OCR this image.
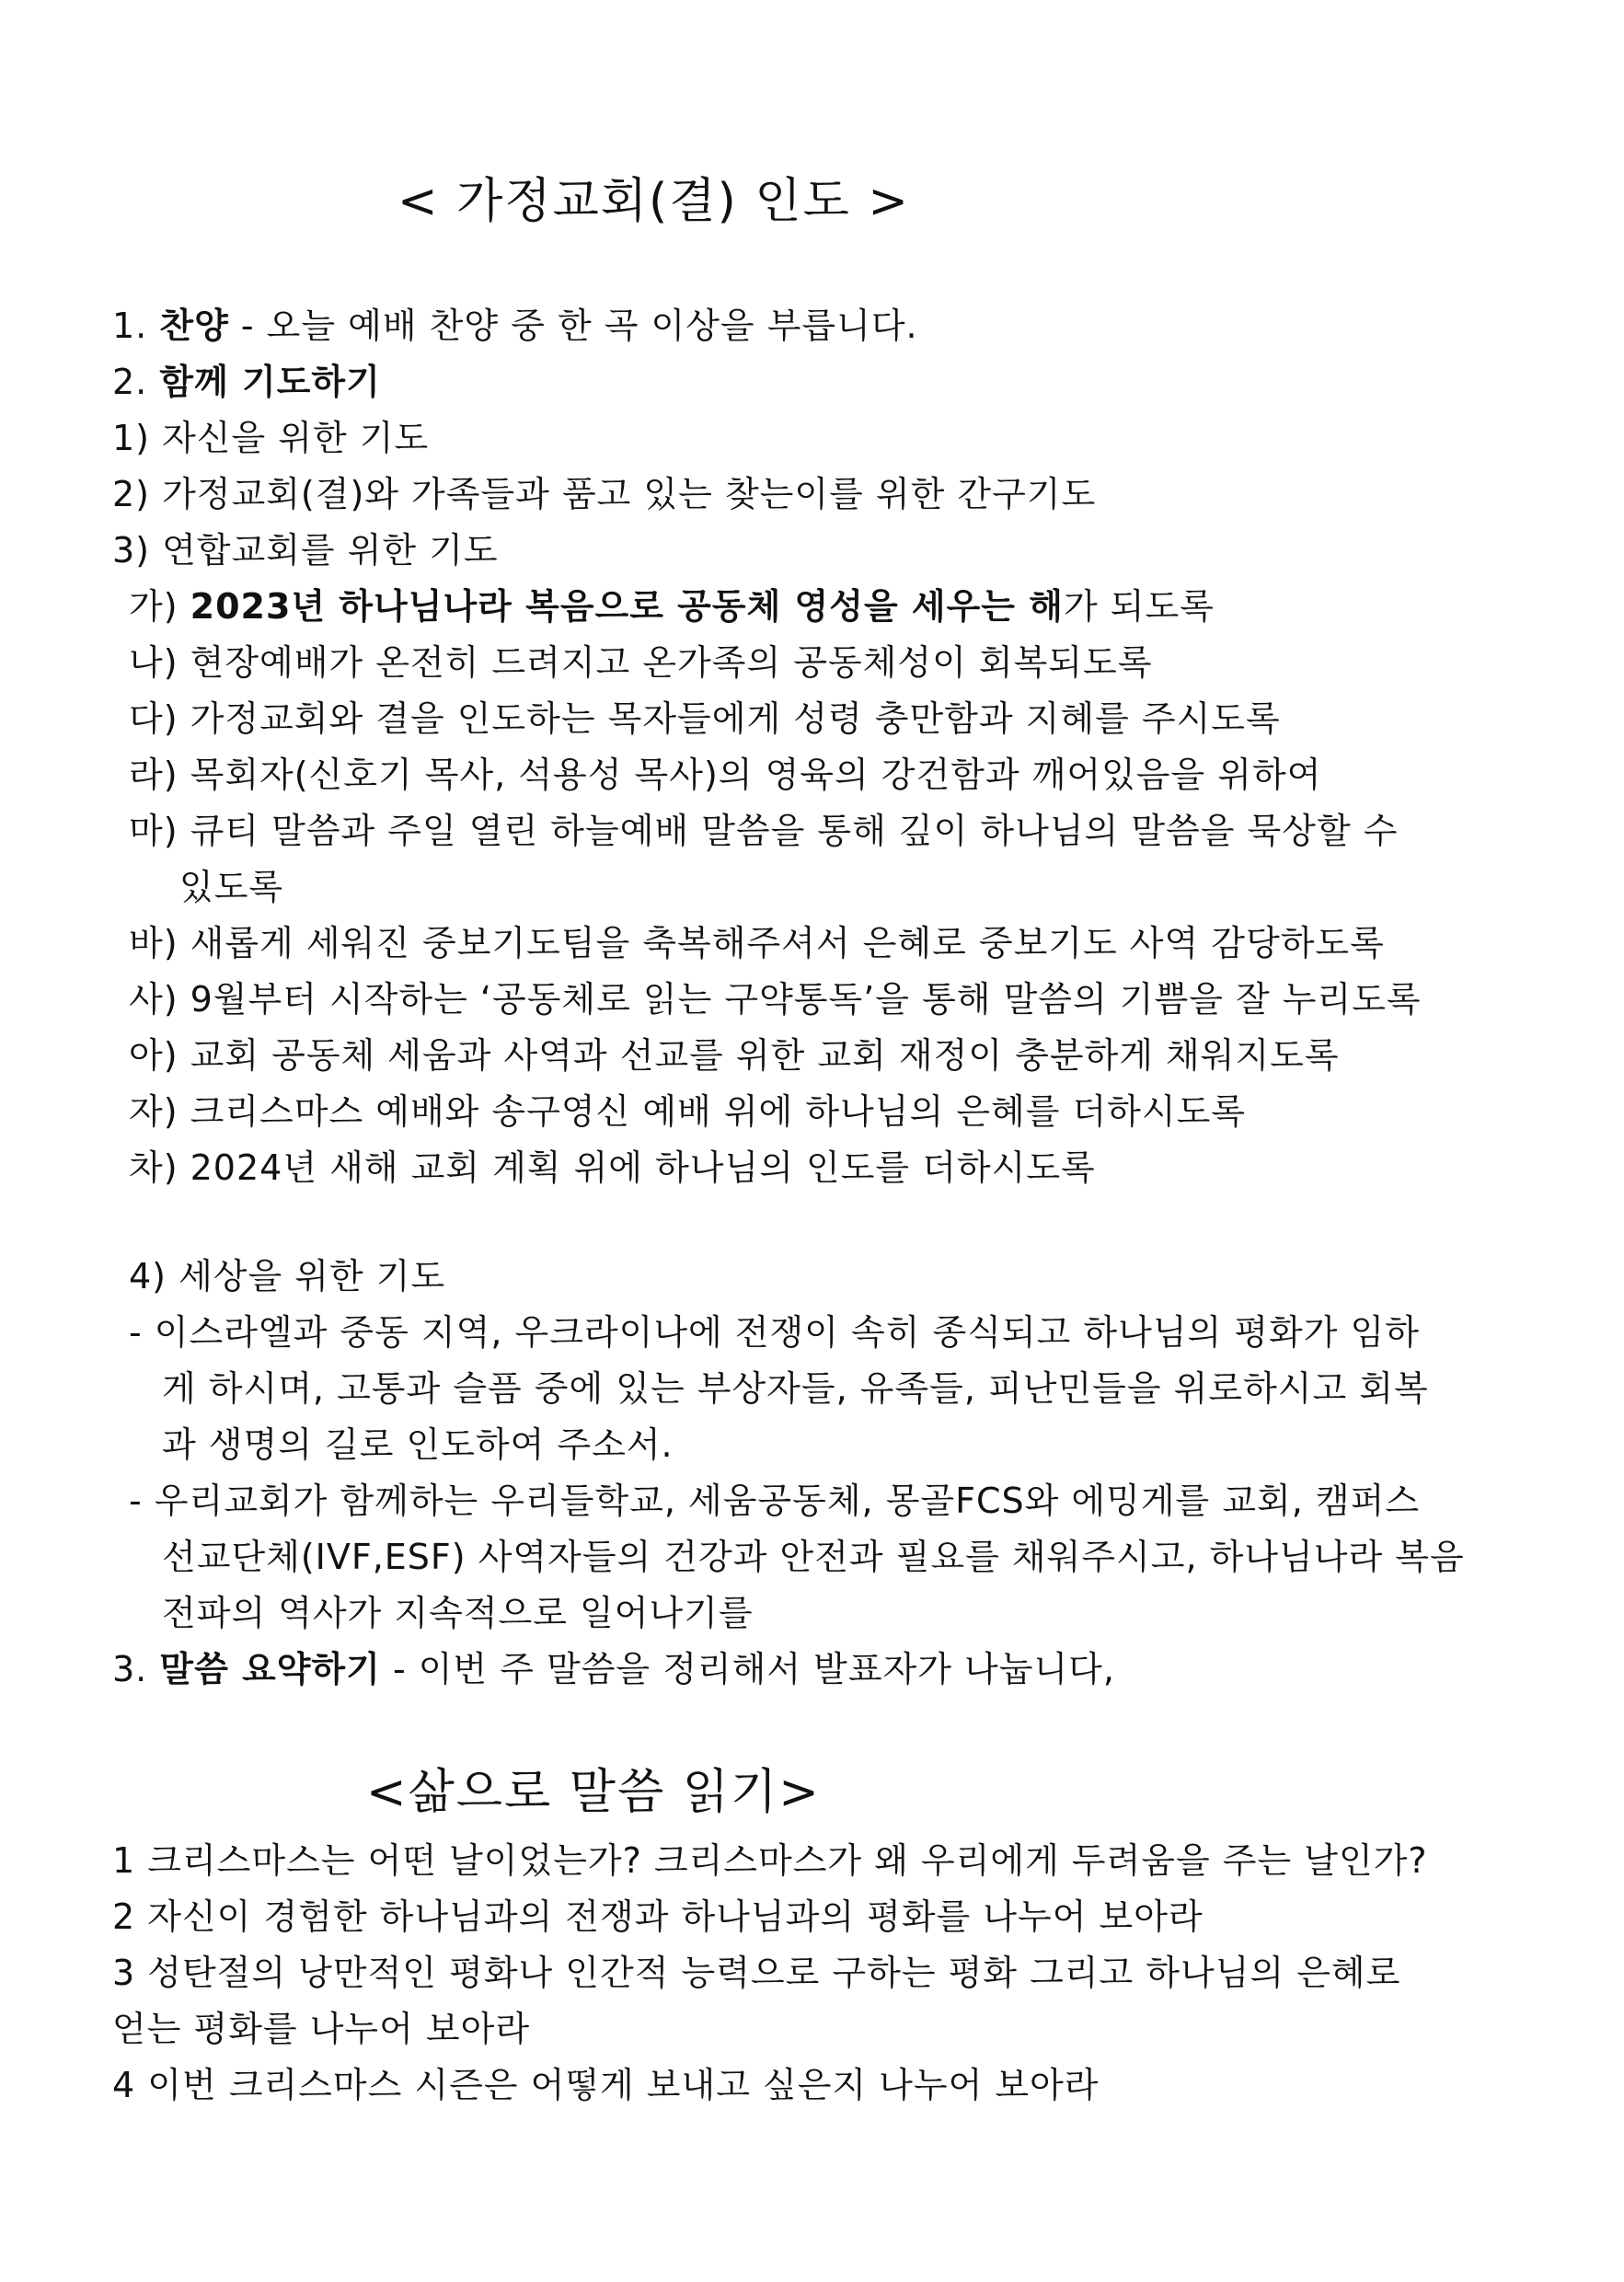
< 가정교회(결) 인도 >
1. 찬양 - 오늘 예배 찬양 중 한 곡 이상을 부릅니다.
2. 함께 기도하기
1) 자신을 위한 기도
2) 가정교회(결)와 가족들과 품고 있는 찾는이를 위한 간구기도
3) 연합교회를 위한 기도
가) 2023년 하나님나라 복음으로 공동체 영성을 세우는 해가 되도록
나) 현장예배가 온전히 드려지고 온가족의 공동체성이 회복되도록
다) 가정교회와 결을 인도하는 목자들에게 성령 충만함과 지혜를 주시도록
라) 목회자(신호기 목사, 석용성 목사)의 영육의 강건함과 깨어있음을 위하여
마) 큐티 말씀과 주일 열린 하늘예배 말씀을 통해 깊이 하나님의 말씀을 묵상할 수
있도록
바) 새롭게 세워진 중보기도팀을 축복해주셔서 은혜로 중보기도 사역 감당하도록
사) 9월부터 시작하는 ‘공동체로 읽는 구약통독’을 통해 말씀의 기쁨을 잘 누리도록
아) 교회 공동체 세움과 사역과 선교를 위한 교회 재정이 충분하게 채워지도록
자) 크리스마스 예배와 송구영신 예배 위에 하나님의 은혜를 더하시도록
차) 2024년 새해 교회 계획 위에 하나님의 인도를 더하시도록
4) 세상을 위한 기도
- 이스라엘과 중동 지역, 우크라이나에 전쟁이 속히 종식되고 하나님의 평화가 임하
게 하시며, 고통과 슬픔 중에 있는 부상자들, 유족들, 피난민들을 위로하시고 회복
과 생명의 길로 인도하여 주소서.
- 우리교회가 함께하는 우리들학교, 세움공동체, 몽골FCS와 에밍게를 교회, 캠퍼스
선교단체(IVF,ESF) 사역자들의 건강과 안전과 필요를 채워주시고, 하나님나라 복음
전파의 역사가 지속적으로 일어나기를
3. 말씀 요약하기 - 이번 주 말씀을 정리해서 발표자가 나눕니다,
<삶으로 말씀 읽기>
1 크리스마스는 어떤 날이었는가? 크리스마스가 왜 우리에게 두려움을 주는 날인가?
2 자신이 경험한 하나님과의 전쟁과 하나님과의 평화를 나누어 보아라
3 성탄절의 낭만적인 평화나 인간적 능력으로 구하는 평화 그리고 하나님의 은혜로
얻는 평화를 나누어 보아라
4 이번 크리스마스 시즌은 어떻게 보내고 싶은지 나누어 보아라
